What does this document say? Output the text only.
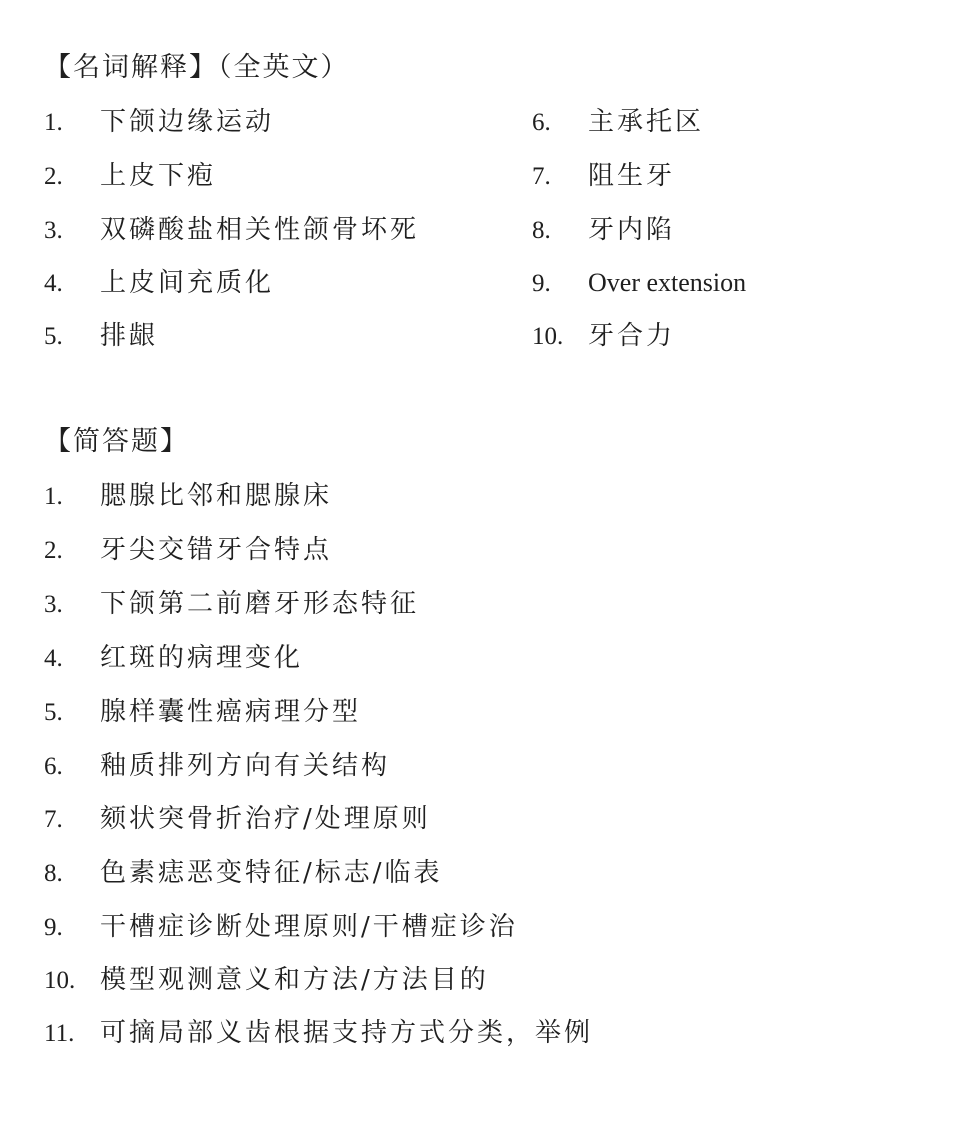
【名词解释】（全英文）
1. 下颌边缘运动
2. 上皮下疱
3. 双磷酸盐相关性颌骨坏死
4. 上皮间充质化
5. 排龈
6. 主承托区
7. 阻生牙
8. 牙内陷
9. Over extension
10. 牙合力
【简答题】
1. 腮腺比邻和腮腺床
2. 牙尖交错牙合特点
3. 下颌第二前磨牙形态特征
4. 红斑的病理变化
5. 腺样囊性癌病理分型
6. 釉质排列方向有关结构
7. 颏状突骨折治疗/处理原则
8. 色素痣恶变特征/标志/临表
9. 干槽症诊断处理原则/干槽症诊治
10. 模型观测意义和方法/方法目的
11. 可摘局部义齿根据支持方式分类，举例
